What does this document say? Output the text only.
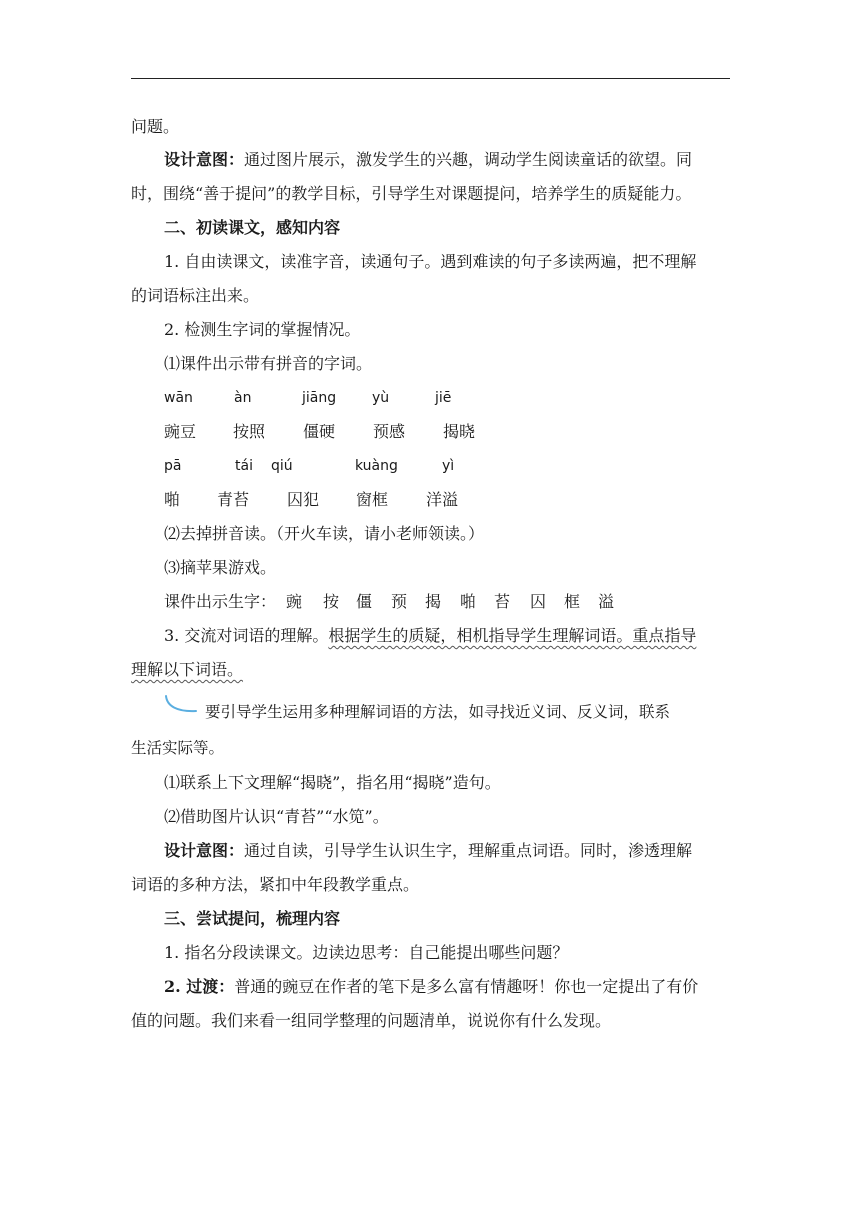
问题。
设计意图：通过图片展示，激发学生的兴趣，调动学生阅读童话的欲望。同
时，围绕“善于提问”的教学目标，引导学生对课题提问，培养学生的质疑能力。
二、初读课文，感知内容
1. 自由读课文，读准字音，读通句子。遇到难读的句子多读两遍，把不理解
的词语标注出来。
2. 检测生字词的掌握情况。
⑴课件出示带有拼音的字词。
wān	àn	jiāng	yù	jiē
豌豆 按照 僵硬 预感 揭晓
pā	tái qiú	kuàng	yì
啪 青苔 囚犯 窗框 洋溢
⑵去掉拼音读。（开火车读，请小老师领读。）
⑶摘苹果游戏。
课件出示生字： 豌 按 僵 预 揭 啪 苔 囚 框 溢
3. 交流对词语的理解。根据学生的质疑，相机指导学生理解词语。重点指导
理解以下词语。
要引导学生运用多种理解词语的方法，如寻找近义词、反义词，联系
生活实际等。
⑴联系上下文理解“揭晓”，指名用“揭晓”造句。
⑵借助图片认识“青苔”“水笕”。
设计意图：通过自读，引导学生认识生字，理解重点词语。同时，渗透理解
词语的多种方法，紧扣中年段教学重点。
三、尝试提问，梳理内容
1. 指名分段读课文。边读边思考：自己能提出哪些问题？
2. 过渡：普通的豌豆在作者的笔下是多么富有情趣呀！你也一定提出了有价
值的问题。我们来看一组同学整理的问题清单，说说你有什么发现。
